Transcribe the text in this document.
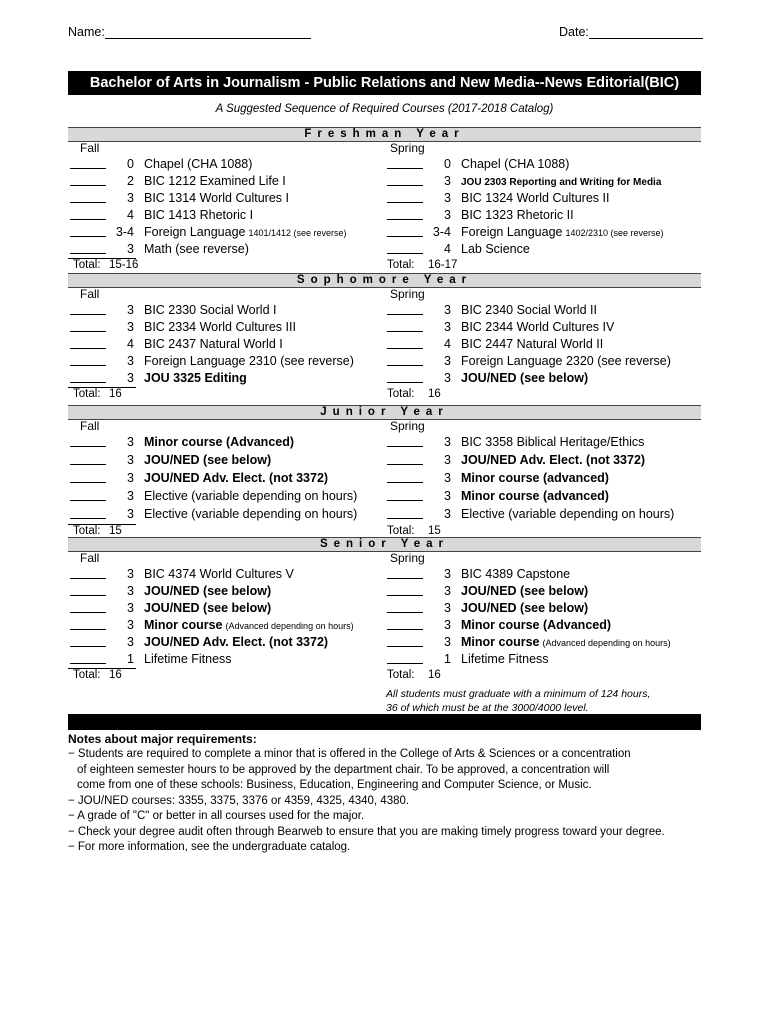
Name:	Date:
Bachelor of Arts in Journalism - Public Relations and New Media--News Editorial(BIC)
A Suggested Sequence of Required Courses (2017-2018 Catalog)
Freshman Year
Fall
0 Chapel (CHA 1088)
2 BIC 1212 Examined Life I
3 BIC 1314 World Cultures I
4 BIC 1413 Rhetoric I
3-4 Foreign Language 1401/1412 (see reverse)
3 Math (see reverse)
Total: 15-16
Spring
0 Chapel (CHA 1088)
3 JOU 2303 Reporting and Writing for Media
3 BIC 1324 World Cultures II
3 BIC 1323 Rhetoric II
3-4 Foreign Language 1402/2310 (see reverse)
4 Lab Science
Total: 16-17
Sophomore Year
Fall
3 BIC 2330 Social World I
3 BIC 2334 World Cultures III
4 BIC 2437 Natural World I
3 Foreign Language 2310 (see reverse)
3 JOU 3325 Editing
Total: 16
Spring
3 BIC 2340 Social World II
3 BIC 2344 World Cultures IV
4 BIC 2447 Natural World II
3 Foreign Language 2320 (see reverse)
3 JOU/NED (see below)
Total: 16
Junior Year
Fall
3 Minor course (Advanced)
3 JOU/NED (see below)
3 JOU/NED Adv. Elect. (not 3372)
3 Elective (variable depending on hours)
3 Elective (variable depending on hours)
Total: 15
Spring
3 BIC 3358 Biblical Heritage/Ethics
3 JOU/NED Adv. Elect. (not 3372)
3 Minor course (advanced)
3 Minor course (advanced)
3 Elective (variable depending on hours)
Total: 15
Senior Year
Fall
3 BIC 4374 World Cultures V
3 JOU/NED (see below)
3 JOU/NED (see below)
3 Minor course (Advanced depending on hours)
3 JOU/NED Adv. Elect. (not 3372)
1 Lifetime Fitness
Total: 16
Spring
3 BIC 4389 Capstone
3 JOU/NED (see below)
3 JOU/NED (see below)
3 Minor course (Advanced)
3 Minor course (Advanced depending on hours)
1 Lifetime Fitness
Total: 16
All students must graduate with a minimum of 124 hours,
36 of which must be at the 3000/4000 level.
Notes about major requirements:
− Students are required to complete a minor that is offered in the College of Arts & Sciences or a concentration
of eighteen semester hours to be approved by the department chair. To be approved, a concentration will
come from one of these schools: Business, Education, Engineering and Computer Science, or Music.
− JOU/NED courses: 3355, 3375, 3376 or 4359, 4325, 4340, 4380.
− A grade of "C" or better in all courses used for the major.
− Check your degree audit often through Bearweb to ensure that you are making timely progress toward your degree.
− For more information, see the undergraduate catalog.
